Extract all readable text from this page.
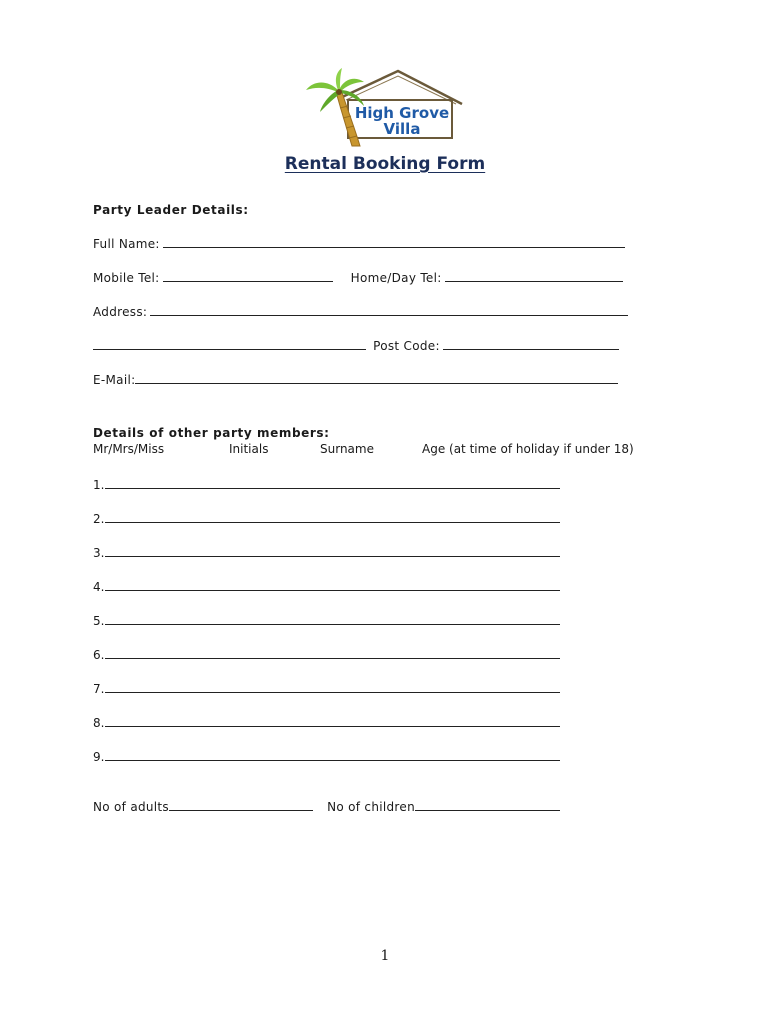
High Grove
Villa
Rental Booking Form
Party Leader Details:
Full Name:
Mobile Tel:	Home/Day Tel:
Address:
Post Code:
E-Mail:
Details of other party members:
Mr/Mrs/Miss	Initials	Surname	Age (at time of holiday if under 18)
1.
2.
3.
4.
5.
6.
7.
8.
9.
No of adults	No of children
1
